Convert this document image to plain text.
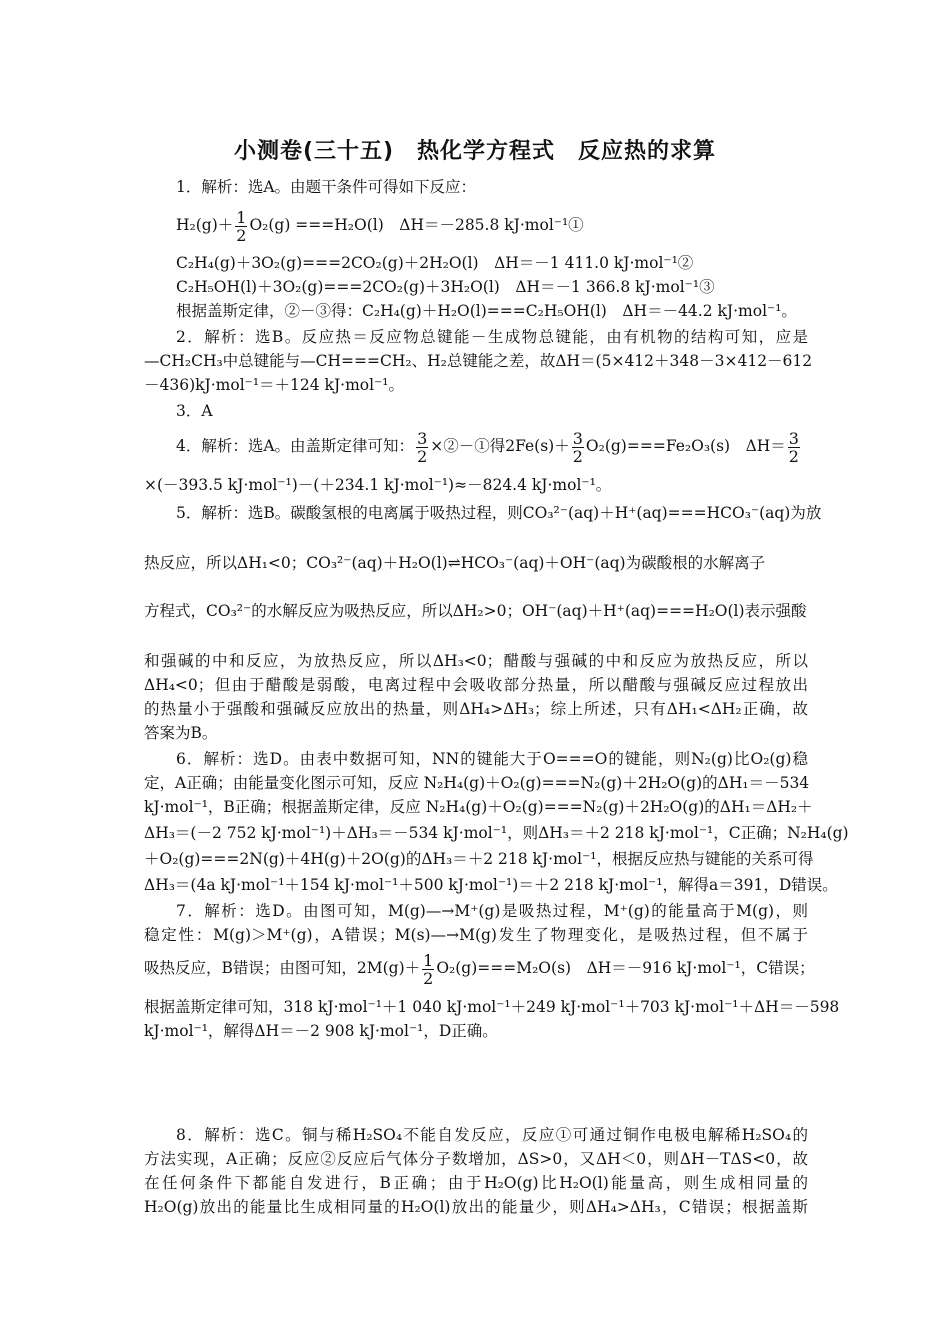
小测卷(三十五)　热化学方程式　反应热的求算
1．解析：选A。由题干条件可得如下反应：
$H_2(g)+ \frac{1}{2} O_2(g) ===H_2O(l)$　ΔH＝－285.8 kJ·mol⁻¹①
C₂H₄(g)＋3O₂(g)===2CO₂(g)＋2H₂O(l)　ΔH＝－1 411.0 kJ·mol⁻¹②
C₂H₅OH(l)＋3O₂(g)===2CO₂(g)＋3H₂O(l)　ΔH＝－1 366.8 kJ·mol⁻¹③
根据盖斯定律，②－③得：C₂H₄(g)＋H₂O(l)===C₂H₅OH(l)　ΔH＝－44.2 kJ·mol⁻¹。
2．解析：选B。反应热＝反应物总键能－生成物总键能，由有机物的结构可知，应是
—CH₂CH₃中总键能与—CH===CH₂、H₂总键能之差，故ΔH＝(5×412＋348－3×412－612
－436)kJ·mol⁻¹＝＋124 kJ·mol⁻¹。
3．A
4．解析：选A。由盖斯定律可知： $\frac{3}{2}$ ×②－①得$2Fe(s)+ \frac{3}{2} O_2(g)===Fe_2O_3(s)$　$\Delta H= \frac{3}{2}$
×(－393.5 kJ·mol⁻¹)－(＋234.1 kJ·mol⁻¹)≈－824.4 kJ·mol⁻¹。
5．解析：选B。碳酸氢根的电离属于吸热过程，则CO₃²⁻(aq)＋H⁺(aq)===HCO₃⁻(aq)为放
热反应，所以ΔH₁<0；CO₃²⁻(aq)＋H₂O(l)⇌HCO₃⁻(aq)＋OH⁻(aq)为碳酸根的水解离子
方程式，CO₃²⁻的水解反应为吸热反应，所以ΔH₂>0；OH⁻(aq)＋H⁺(aq)===H₂O(l)表示强酸
和强碱的中和反应，为放热反应，所以ΔH₃<0；醋酸与强碱的中和反应为放热反应，所以
ΔH₄<0；但由于醋酸是弱酸，电离过程中会吸收部分热量，所以醋酸与强碱反应过程放出
的热量小于强酸和强碱反应放出的热量，则ΔH₄>ΔH₃；综上所述，只有ΔH₁<ΔH₂正确，故
答案为B。
6．解析：选D。由表中数据可知，NN的键能大于O===O的键能，则N₂(g)比O₂(g)稳
定，A正确；由能量变化图示可知，反应 N₂H₄(g)＋O₂(g)===N₂(g)＋2H₂O(g)的ΔH₁＝－534
kJ·mol⁻¹，B正确；根据盖斯定律，反应 N₂H₄(g)＋O₂(g)===N₂(g)＋2H₂O(g)的ΔH₁＝ΔH₂＋
ΔH₃＝(－2 752 kJ·mol⁻¹)＋ΔH₃＝－534 kJ·mol⁻¹，则ΔH₃＝＋2 218 kJ·mol⁻¹，C正确；N₂H₄(g)
＋O₂(g)===2N(g)＋4H(g)＋2O(g)的ΔH₃＝＋2 218 kJ·mol⁻¹，根据反应热与键能的关系可得
ΔH₃＝(4a kJ·mol⁻¹＋154 kJ·mol⁻¹＋500 kJ·mol⁻¹)＝＋2 218 kJ·mol⁻¹，解得a＝391，D错误。
7．解析：选D。由图可知，M(g)—→M⁺(g)是吸热过程，M⁺(g)的能量高于M(g)，则
稳定性：M(g)＞M⁺(g)，A错误；M(s)—→M(g)发生了物理变化，是吸热过程，但不属于
吸热反应，B错误；由图可知，$2M(g)+ \frac{1}{2} O_2(g)===M_2O(s)$　ΔH＝－916 kJ·mol⁻¹，C错误；
根据盖斯定律可知，318 kJ·mol⁻¹＋1 040 kJ·mol⁻¹＋249 kJ·mol⁻¹＋703 kJ·mol⁻¹＋ΔH＝－598
kJ·mol⁻¹，解得ΔH＝－2 908 kJ·mol⁻¹，D正确。
8．解析：选C。铜与稀H₂SO₄不能自发反应，反应①可通过铜作电极电解稀H₂SO₄的
方法实现，A正确；反应②反应后气体分子数增加，ΔS>0，又ΔH＜0，则ΔH－TΔS<0，故
在任何条件下都能自发进行，B正确；由于H₂O(g)比H₂O(l)能量高，则生成相同量的
H₂O(g)放出的能量比生成相同量的H₂O(l)放出的能量少，则ΔH₄>ΔH₃，C错误；根据盖斯
